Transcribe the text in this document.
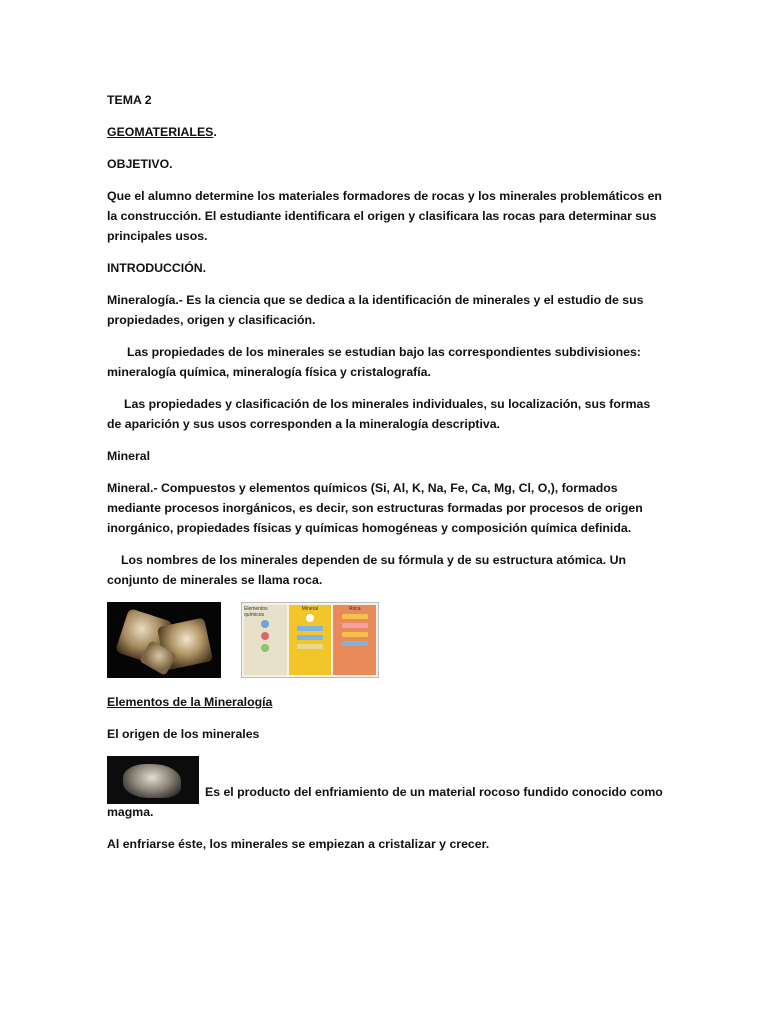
TEMA 2

GEOMATERIALES.

OBJETIVO.

Que el alumno determine los materiales formadores de rocas y los minerales problemáticos en la construcción. El estudiante identificara el origen y clasificara las rocas para determinar sus principales usos.

INTRODUCCIÓN.

Mineralogía.- Es la ciencia que se dedica a la identificación de minerales y el estudio de sus propiedades, origen y clasificación.

Las propiedades de los minerales se estudian bajo las correspondientes subdivisiones: mineralogía química, mineralogía física y cristalografía.

Las propiedades y clasificación de los minerales individuales, su localización, sus formas de aparición y sus usos corresponden a la mineralogía descriptiva.

Mineral

Mineral.- Compuestos y elementos químicos (Si, Al, K, Na, Fe, Ca, Mg, Cl, O,), formados mediante procesos inorgánicos, es decir, son estructuras formadas por procesos de origen inorgánico, propiedades físicas y químicas homogéneas y composición química definida.

Los nombres de los minerales dependen de su fórmula y de su estructura atómica. Un conjunto de minerales se llama roca.

Elementos químicos
Mineral	Roca

Elementos de la Mineralogía

El origen de los minerales

Es el producto del enfriamiento de un material rocoso fundido conocido como magma.

Al enfriarse éste, los minerales se empiezan a cristalizar y crecer.
